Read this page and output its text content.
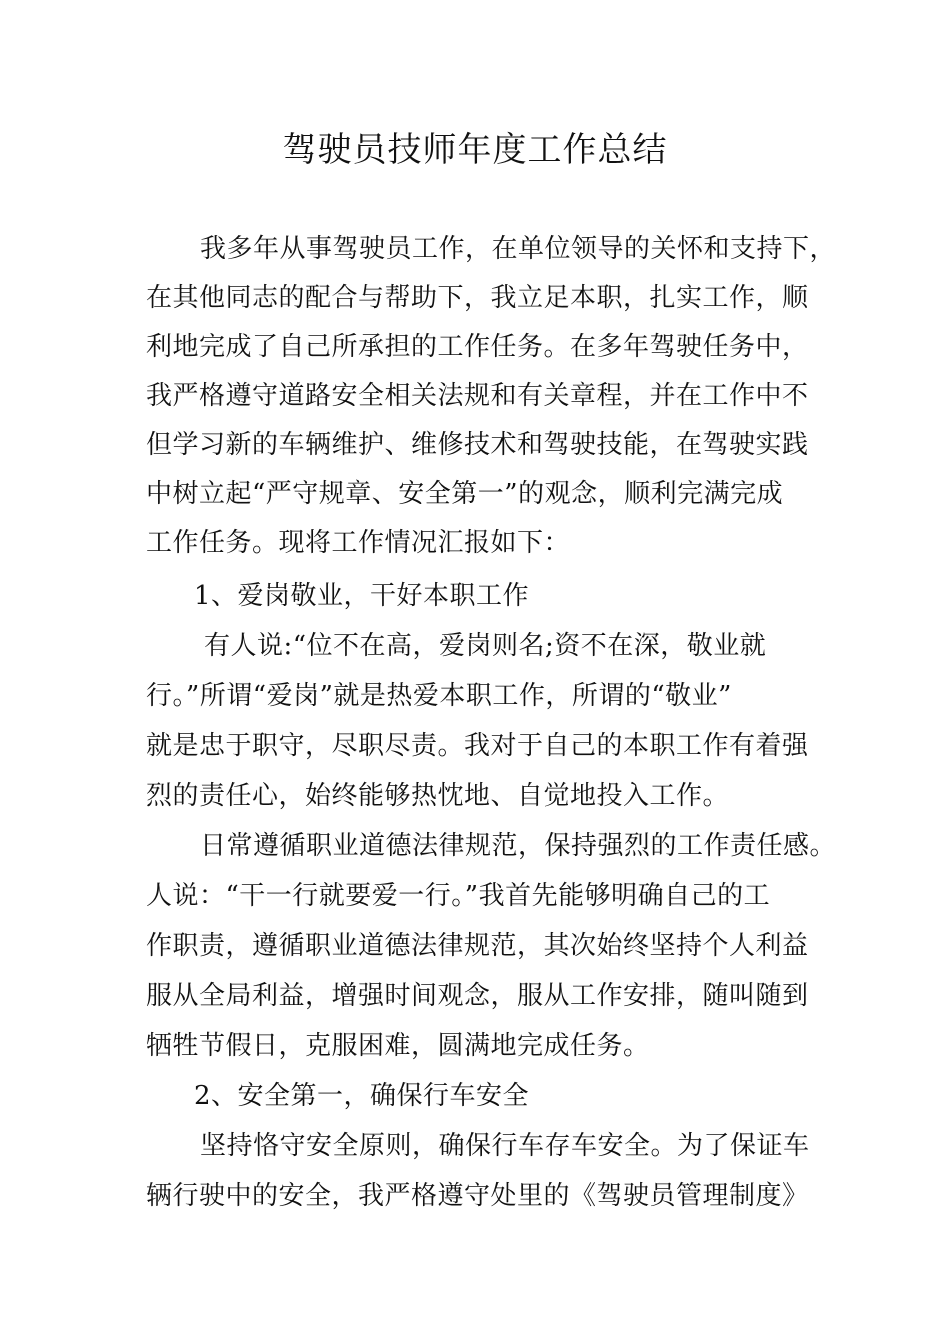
驾驶员技师年度工作总结
我多年从事驾驶员工作，在单位领导的关怀和支持下，
在其他同志的配合与帮助下，我立足本职，扎实工作，顺
利地完成了自己所承担的工作任务。在多年驾驶任务中，
我严格遵守道路安全相关法规和有关章程，并在工作中不
但学习新的车辆维护、维修技术和驾驶技能，在驾驶实践
中树立起“严守规章、安全第一”的观念，顺利完满完成
工作任务。现将工作情况汇报如下：
1、爱岗敬业，干好本职工作
有人说:“位不在高，爱岗则名;资不在深，敬业就
行。”所谓“爱岗”就是热爱本职工作，所谓的“敬业”
就是忠于职守，尽职尽责。我对于自己的本职工作有着强
烈的责任心，始终能够热忱地、自觉地投入工作。
日常遵循职业道德法律规范，保持强烈的工作责任感。
人说：“干一行就要爱一行。”我首先能够明确自己的工
作职责，遵循职业道德法律规范，其次始终坚持个人利益
服从全局利益，增强时间观念，服从工作安排，随叫随到
牺牲节假日，克服困难，圆满地完成任务。
2、安全第一，确保行车安全
坚持恪守安全原则，确保行车存车安全。为了保证车
辆行驶中的安全，我严格遵守处里的《驾驶员管理制度》
